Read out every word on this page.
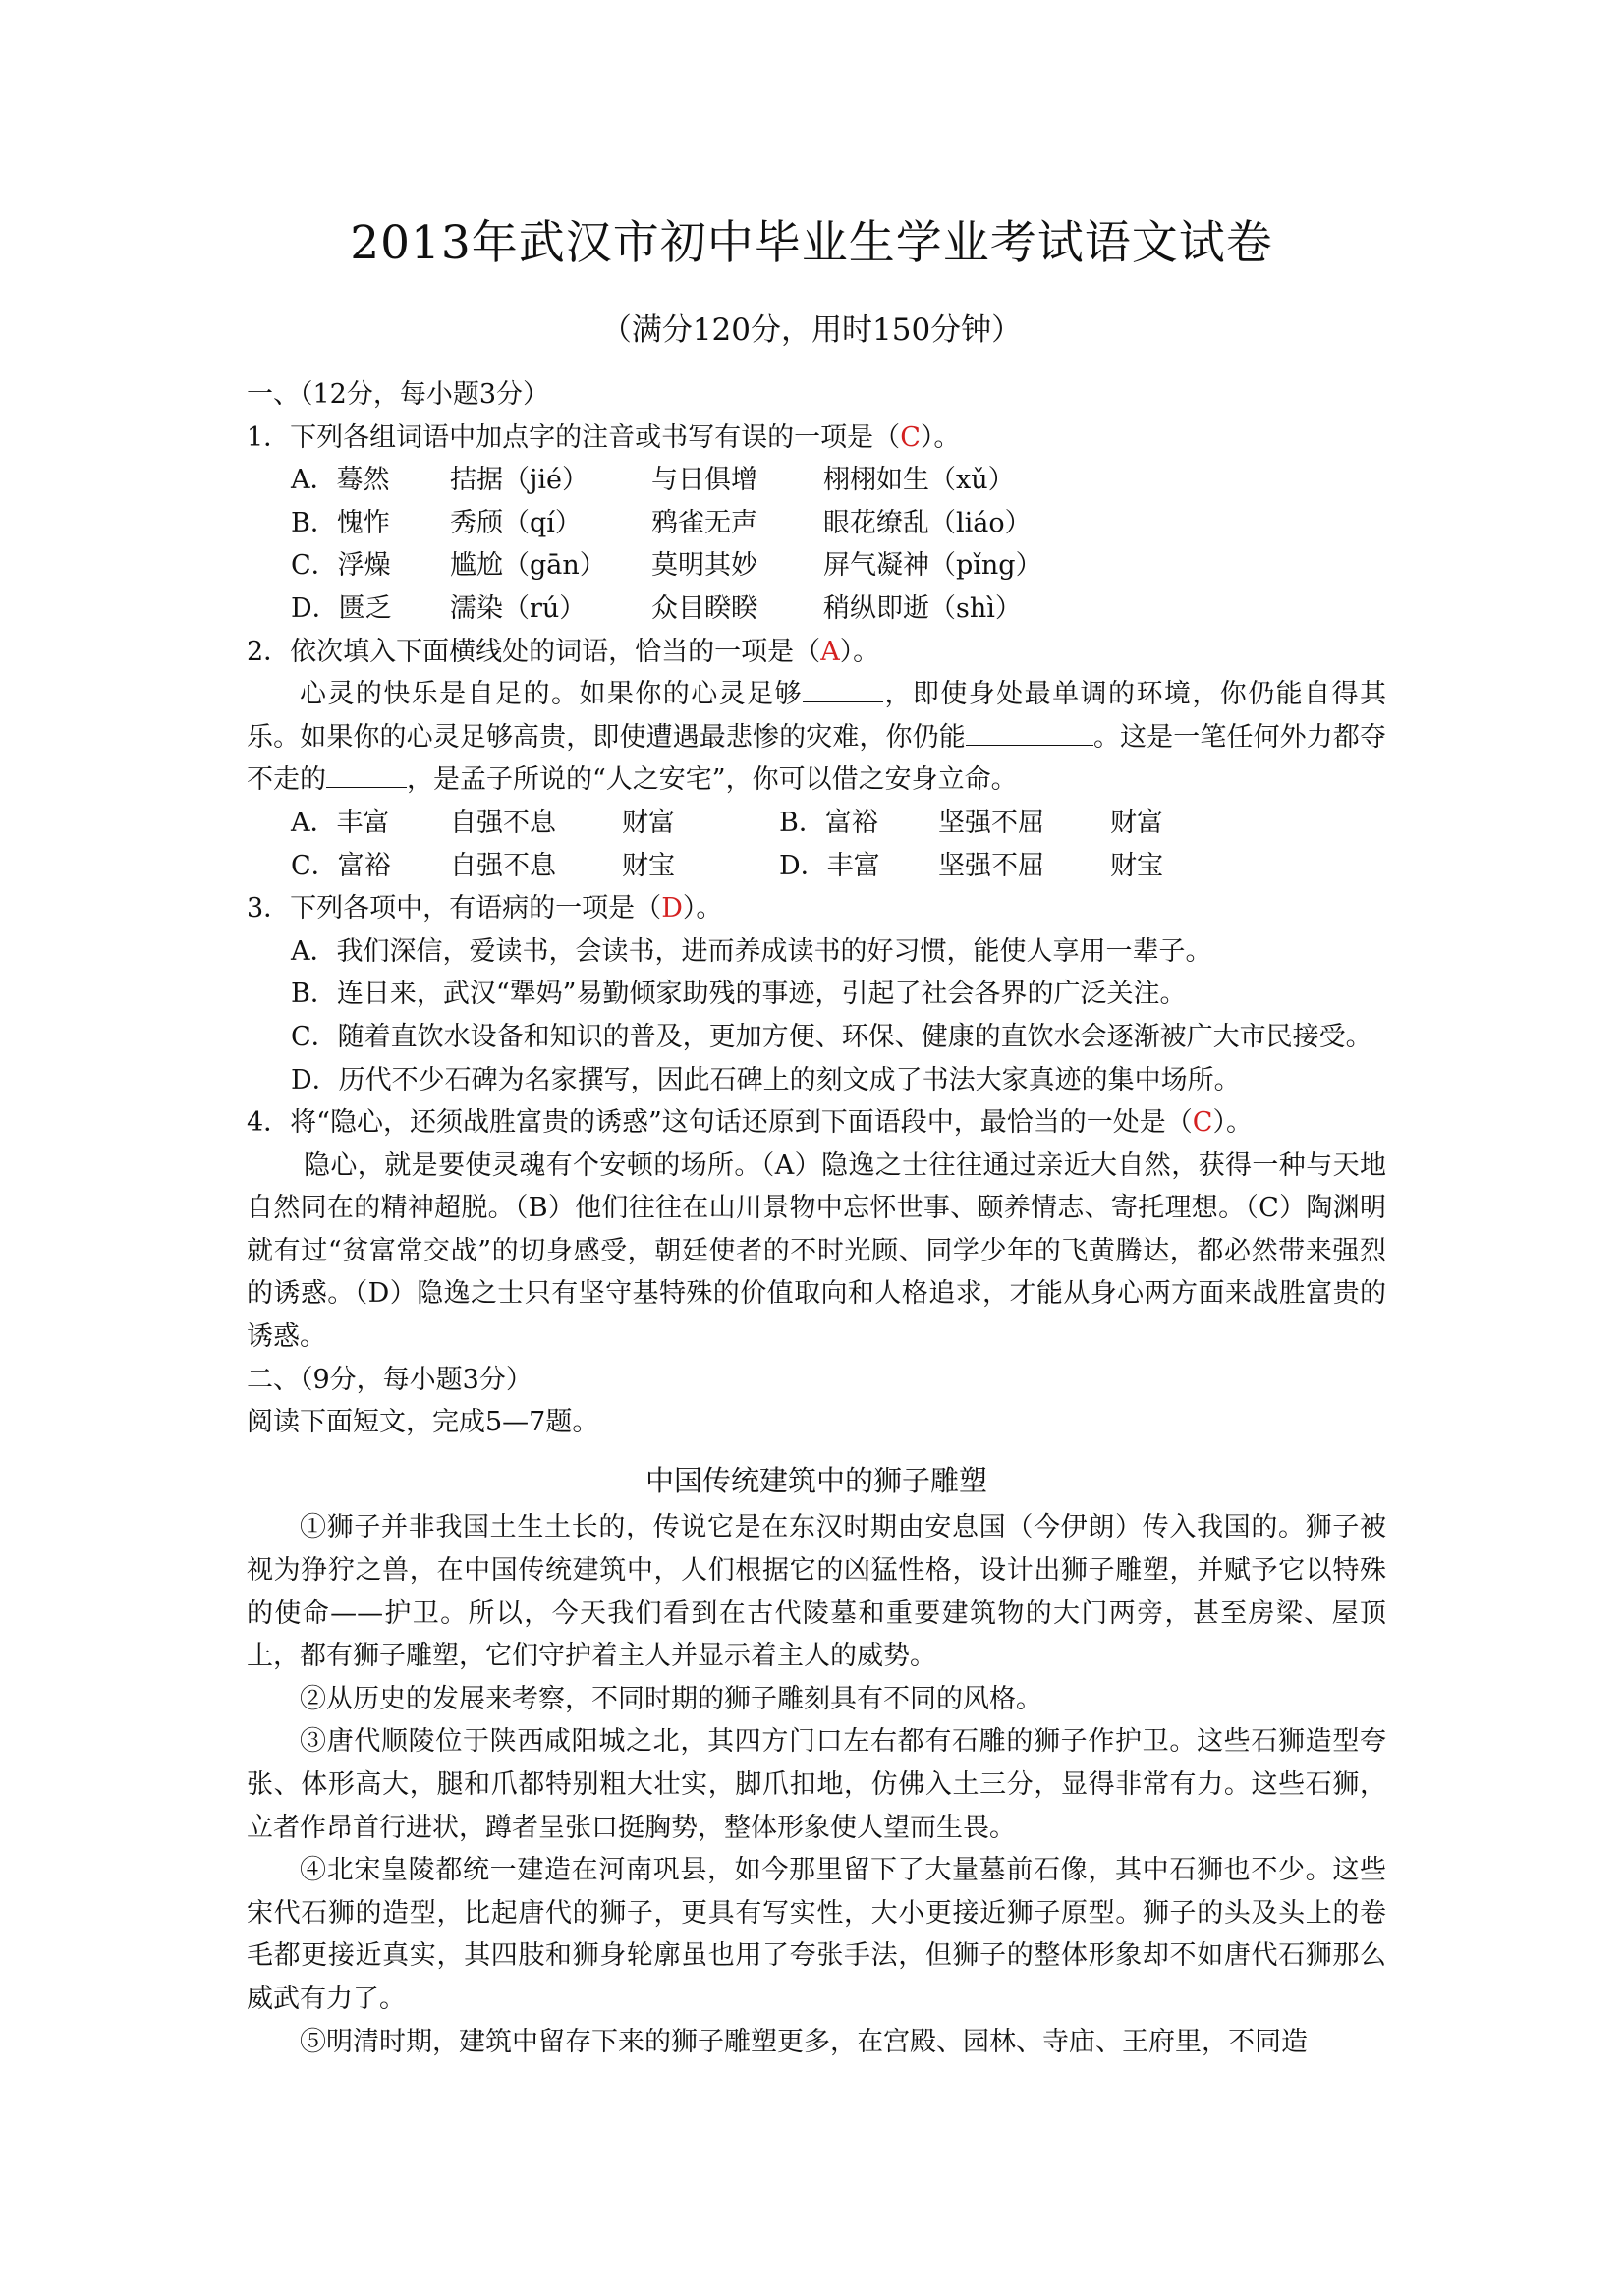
2013年武汉市初中毕业生学业考试语文试卷
（满分120分，用时150分钟）

一、（12分，每小题3分）

1．下列各组词语中加点字的注音或书写有误的一项是（C）。

A．蓦然 拮据（jié） 与日俱增 栩栩如生（xǔ）

B．愧怍 秀颀（qí）	鸦雀无声 眼花缭乱（liáo）

C．浮燥 尴尬（gān） 莫明其妙 屏气凝神（pǐng）

D．匮乏 濡染（rú） 众目睽睽 稍纵即逝（shì）

2．依次填入下面横线处的词语，恰当的一项是（A）。

心灵的快乐是自足的。如果你的心灵足够	，即使身处最单调的环境，你仍能自得其乐。如果你的心灵足够高贵，即使遭遇最悲惨的灾难，你仍能	。这是一笔任何外力都夺不走的	，是孟子所说的“人之安宅”，你可以借之安身立命。

A．丰富 自强不息 财富	B．富裕 坚强不屈 财富

C．富裕 自强不息 财宝	D．丰富 坚强不屈 财宝

3．下列各项中，有语病的一项是（D）。

A．我们深信，爱读书，会读书，进而养成读书的好习惯，能使人享用一辈子。

B．连日来，武汉“犟妈”易勤倾家助残的事迹，引起了社会各界的广泛关注。

C．随着直饮水设备和知识的普及，更加方便、环保、健康的直饮水会逐渐被广大市民接受。

D．历代不少石碑为名家撰写，因此石碑上的刻文成了书法大家真迹的集中场所。

4．将“隐心，还须战胜富贵的诱惑”这句话还原到下面语段中，最恰当的一处是（C）。

隐心，就是要使灵魂有个安顿的场所。（A）隐逸之士往往通过亲近大自然，获得一种与天地自然同在的精神超脱。（B）他们往往在山川景物中忘怀世事、颐养情志、寄托理想。（C）陶渊明就有过“贫富常交战”的切身感受，朝廷使者的不时光顾、同学少年的飞黄腾达，都必然带来强烈的诱惑。（D）隐逸之士只有坚守基特殊的价值取向和人格追求，才能从身心两方面来战胜富贵的诱惑。

二、（9分，每小题3分）

阅读下面短文，完成5—7题。

中国传统建筑中的狮子雕塑

①狮子并非我国土生土长的，传说它是在东汉时期由安息国（今伊朗）传入我国的。狮子被视为狰狞之兽，在中国传统建筑中，人们根据它的凶猛性格，设计出狮子雕塑，并赋予它以特殊的使命——护卫。所以，今天我们看到在古代陵墓和重要建筑物的大门两旁，甚至房梁、屋顶上，都有狮子雕塑，它们守护着主人并显示着主人的威势。

②从历史的发展来考察，不同时期的狮子雕刻具有不同的风格。

③唐代顺陵位于陕西咸阳城之北，其四方门口左右都有石雕的狮子作护卫。这些石狮造型夸张、体形高大，腿和爪都特别粗大壮实，脚爪扣地，仿佛入土三分，显得非常有力。这些石狮，立者作昂首行进状，蹲者呈张口挺胸势，整体形象使人望而生畏。

④北宋皇陵都统一建造在河南巩县，如今那里留下了大量墓前石像，其中石狮也不少。这些宋代石狮的造型，比起唐代的狮子，更具有写实性，大小更接近狮子原型。狮子的头及头上的卷毛都更接近真实，其四肢和狮身轮廓虽也用了夸张手法，但狮子的整体形象却不如唐代石狮那么威武有力了。

⑤明清时期，建筑中留存下来的狮子雕塑更多，在宫殿、园林、寺庙、王府里，不同造
